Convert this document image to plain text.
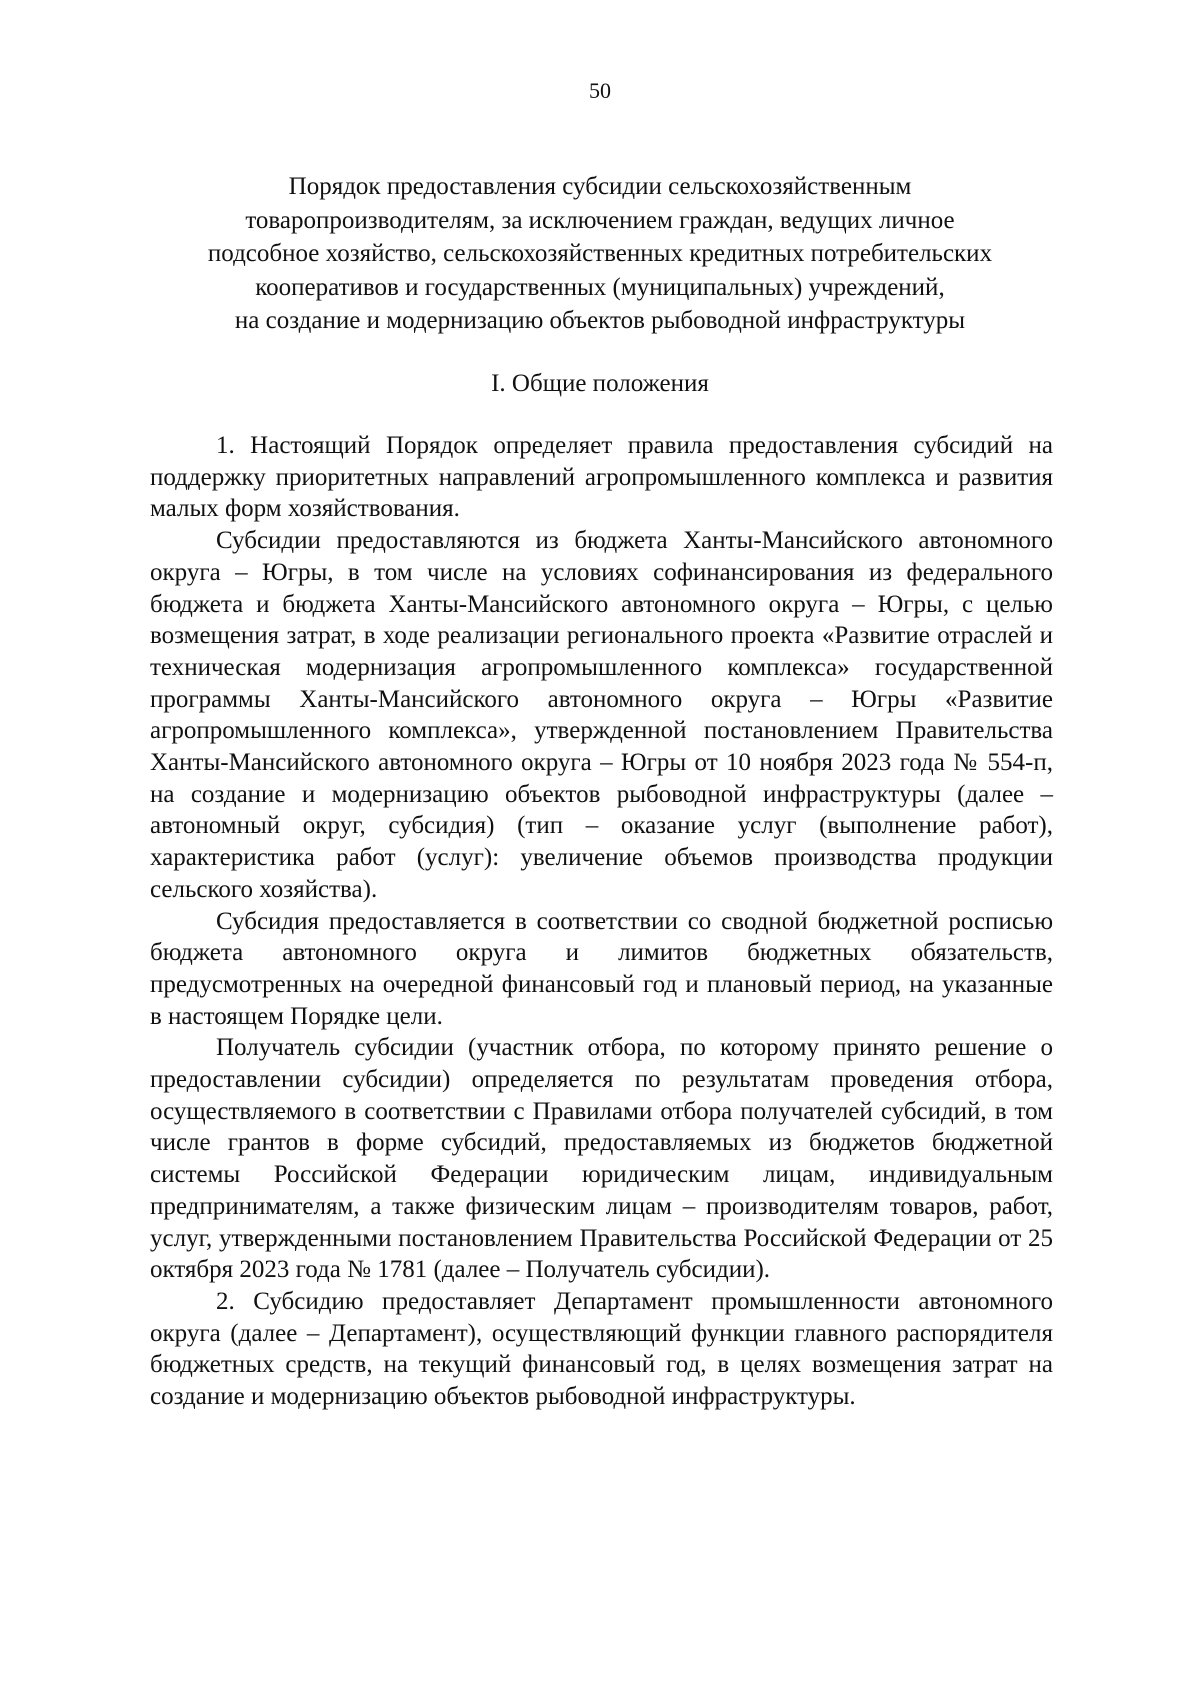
50
Порядок предоставления субсидии сельскохозяйственным
товаропроизводителям, за исключением граждан, ведущих личное
подсобное хозяйство, сельскохозяйственных кредитных потребительских
кооперативов и государственных (муниципальных) учреждений,
на создание и модернизацию объектов рыбоводной инфраструктуры
I. Общие положения

1. Настоящий Порядок определяет правила предоставления субсидий на поддержку приоритетных направлений агропромышленного комплекса и развития малых форм хозяйствования.

Субсидии предоставляются из бюджета Ханты-Мансийского автономного округа – Югры, в том числе на условиях софинансирования из федерального бюджета и бюджета Ханты-Мансийского автономного округа – Югры, с целью возмещения затрат, в ходе реализации регионального проекта «Развитие отраслей и техническая модернизация агропромышленного комплекса» государственной программы Ханты-Мансийского автономного округа – Югры «Развитие агропромышленного комплекса», утвержденной постановлением Правительства Ханты-Мансийского автономного округа – Югры от 10 ноября 2023 года № 554-п, на создание и модернизацию объектов рыбоводной инфраструктуры (далее – автономный округ, субсидия) (тип – оказание услуг (выполнение работ), характеристика работ (услуг): увеличение объемов производства продукции сельского хозяйства).

Субсидия предоставляется в соответствии со сводной бюджетной росписью бюджета автономного округа и лимитов бюджетных обязательств, предусмотренных на очередной финансовый год и плановый период, на указанные в настоящем Порядке цели.

Получатель субсидии (участник отбора, по которому принято решение о предоставлении субсидии) определяется по результатам проведения отбора, осуществляемого в соответствии с Правилами отбора получателей субсидий, в том числе грантов в форме субсидий, предоставляемых из бюджетов бюджетной системы Российской Федерации юридическим лицам, индивидуальным предпринимателям, а также физическим лицам – производителям товаров, работ, услуг, утвержденными постановлением Правительства Российской Федерации от 25 октября 2023 года № 1781 (далее – Получатель субсидии).

2. Субсидию предоставляет Департамент промышленности автономного округа (далее – Департамент), осуществляющий функции главного распорядителя бюджетных средств, на текущий финансовый год, в целях возмещения затрат на создание и модернизацию объектов рыбоводной инфраструктуры.
